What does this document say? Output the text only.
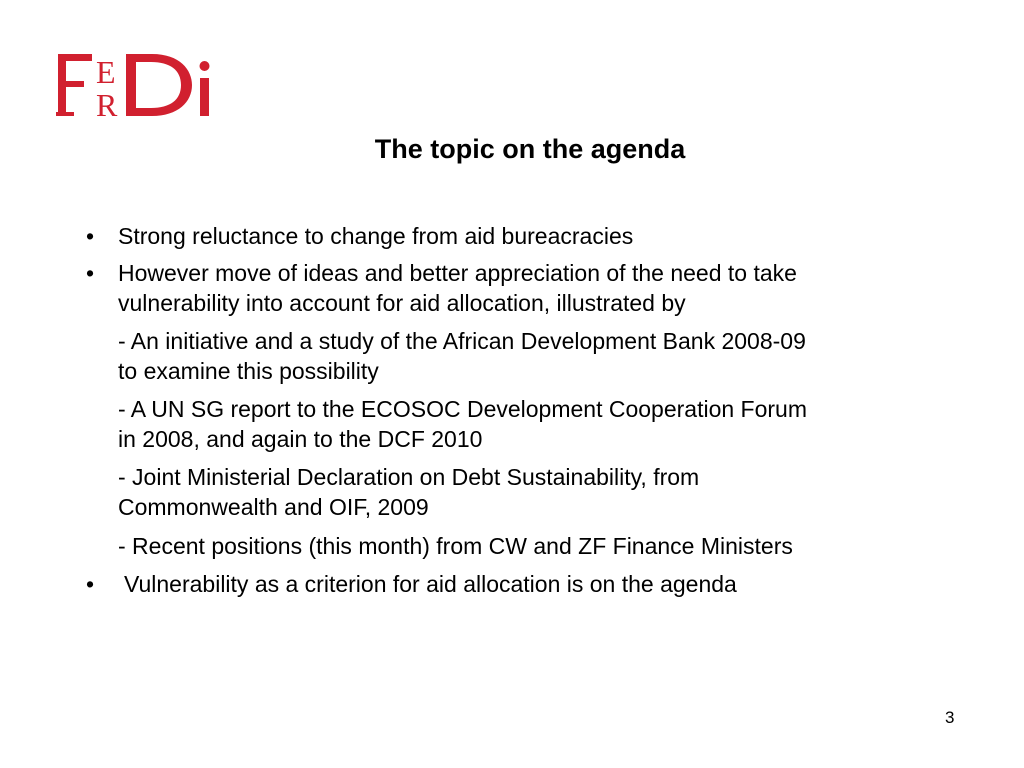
E
R
The topic on the agenda
• Strong reluctance to change from aid bureacracies
• However move of ideas and better appreciation of the need to take
vulnerability into account for aid allocation, illustrated by
- An initiative and a study of the African Development Bank 2008-09
to examine this possibility
- A UN SG report to the ECOSOC Development Cooperation Forum
in 2008, and again to the DCF 2010
- Joint Ministerial Declaration on Debt Sustainability, from
Commonwealth and OIF, 2009
- Recent positions (this month) from CW and ZF Finance Ministers
• Vulnerability as a criterion for aid allocation is on the agenda
3
